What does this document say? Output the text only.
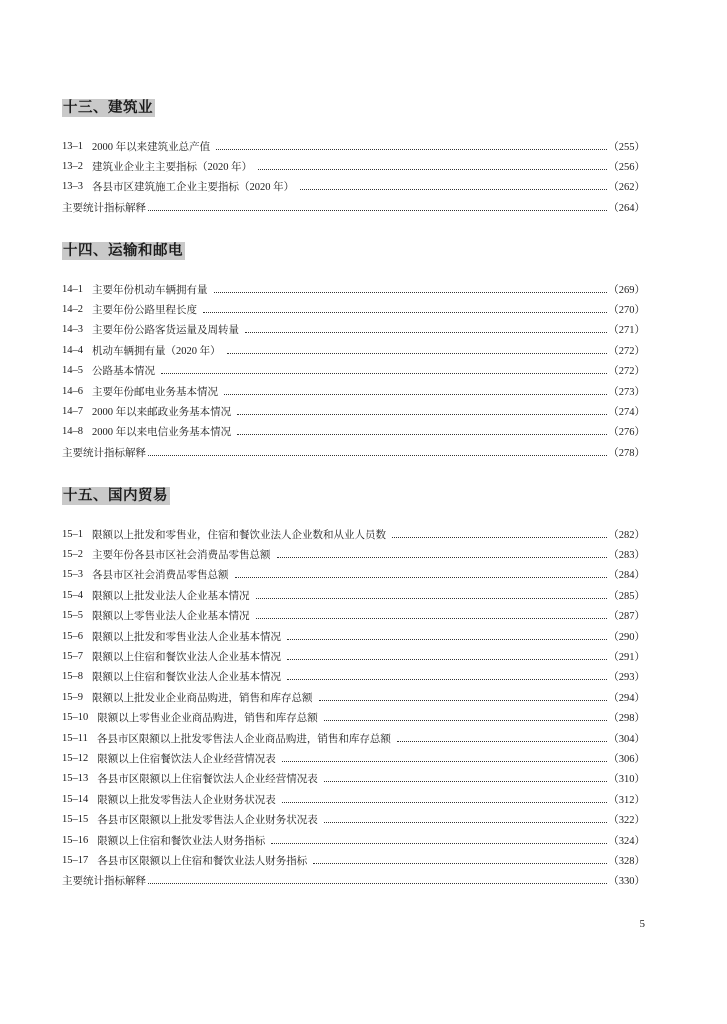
十三、建筑业
13–1 2000 年以来建筑业总产值	（255）
13–2 建筑业企业主主要指标（2020 年）	（256）
13–3 各县市区建筑施工企业主要指标（2020 年）	（262）
主要统计指标解释	（264）
十四、运输和邮电
14–1 主要年份机动车辆拥有量	（269）
14–2 主要年份公路里程长度	（270）
14–3 主要年份公路客货运量及周转量	（271）
14–4 机动车辆拥有量（2020 年）	（272）
14–5 公路基本情况	（272）
14–6 主要年份邮电业务基本情况	（273）
14–7 2000 年以来邮政业务基本情况	（274）
14–8 2000 年以来电信业务基本情况	（276）
主要统计指标解释	（278）
十五、国内贸易
15–1 限额以上批发和零售业，住宿和餐饮业法人企业数和从业人员数	（282）
15–2 主要年份各县市区社会消费品零售总额	（283）
15–3 各县市区社会消费品零售总额	（284）
15–4 限额以上批发业法人企业基本情况	（285）
15–5 限额以上零售业法人企业基本情况	（287）
15–6 限额以上批发和零售业法人企业基本情况	（290）
15–7 限额以上住宿和餐饮业法人企业基本情况	（291）
15–8 限额以上住宿和餐饮业法人企业基本情况	（293）
15–9 限额以上批发业企业商品购进，销售和库存总额	（294）
15–10 限额以上零售业企业商品购进，销售和库存总额	（298）
15–11 各县市区限额以上批发零售法人企业商品购进，销售和库存总额	（304）
15–12 限额以上住宿餐饮法人企业经营情况表	（306）
15–13 各县市区限额以上住宿餐饮法人企业经营情况表	（310）
15–14 限额以上批发零售法人企业财务状况表	（312）
15–15 各县市区限额以上批发零售法人企业财务状况表	（322）
15–16 限额以上住宿和餐饮业法人财务指标	（324）
15–17 各县市区限额以上住宿和餐饮业法人财务指标	（328）
主要统计指标解释	（330）
5
